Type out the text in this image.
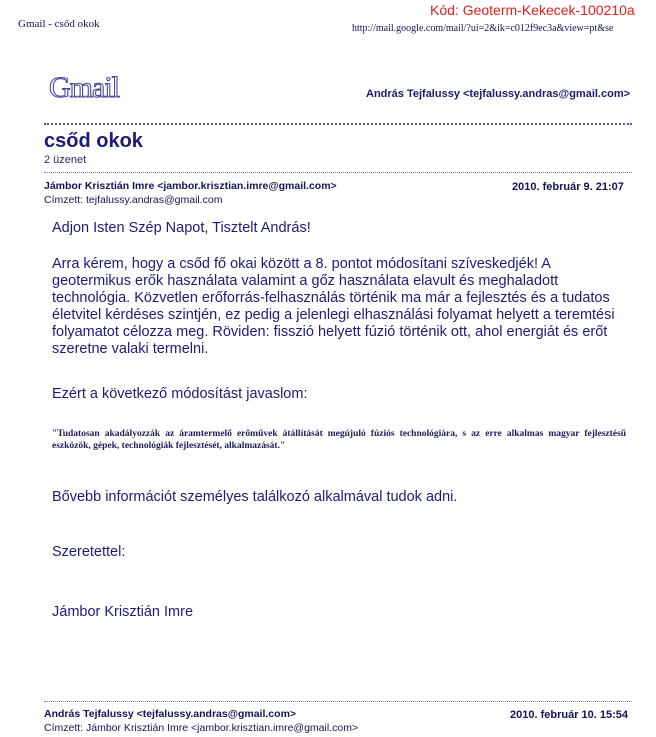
Gmail - csőd okok	http://mail.google.com/mail/?ui=2&ik=c012f9ec3a&view=pt&se
Kód: Geoterm-Kekecek-100210a
Gmail	András Tejfalussy <tejfalussy.andras@gmail.com>
csőd okok
2 üzenet
Jámbor Krisztián Imre <jambor.krisztian.imre@gmail.com>
Címzett: tejfalussy.andras@gmail.com
2010. február 9. 21:07
Adjon Isten Szép Napot, Tisztelt András!
Arra kérem, hogy a csőd fő okai között a 8. pontot módosítani szíveskedjék! A geotermikus erők használata valamint a gőz használata elavult és meghaladott technológia. Közvetlen erőforrás-felhasználás történik ma már a fejlesztés és a tudatos életvitel kérdéses szintjén, ez pedig a jelenlegi elhasználási folyamat helyett a teremtési folyamatot célozza meg. Röviden: fisszió helyett fúzió történik ott, ahol energiát és erőt szeretne valaki termelni.
Ezért a következő módosítást javaslom:
"Tudatosan akadályozzák az áramtermelő erőművek átállítását megújuló fúziós technológiára, s az erre alkalmas magyar fejlesztésű eszközök, gépek, technológiák fejlesztését, alkalmazását."
Bővebb információt személyes találkozó alkalmával tudok adni.
Szeretettel:
Jámbor Krisztián Imre
András Tejfalussy <tejfalussy.andras@gmail.com>
Címzett: Jámbor Krisztián Imre <jambor.krisztian.imre@gmail.com>
2010. február 10. 15:54
